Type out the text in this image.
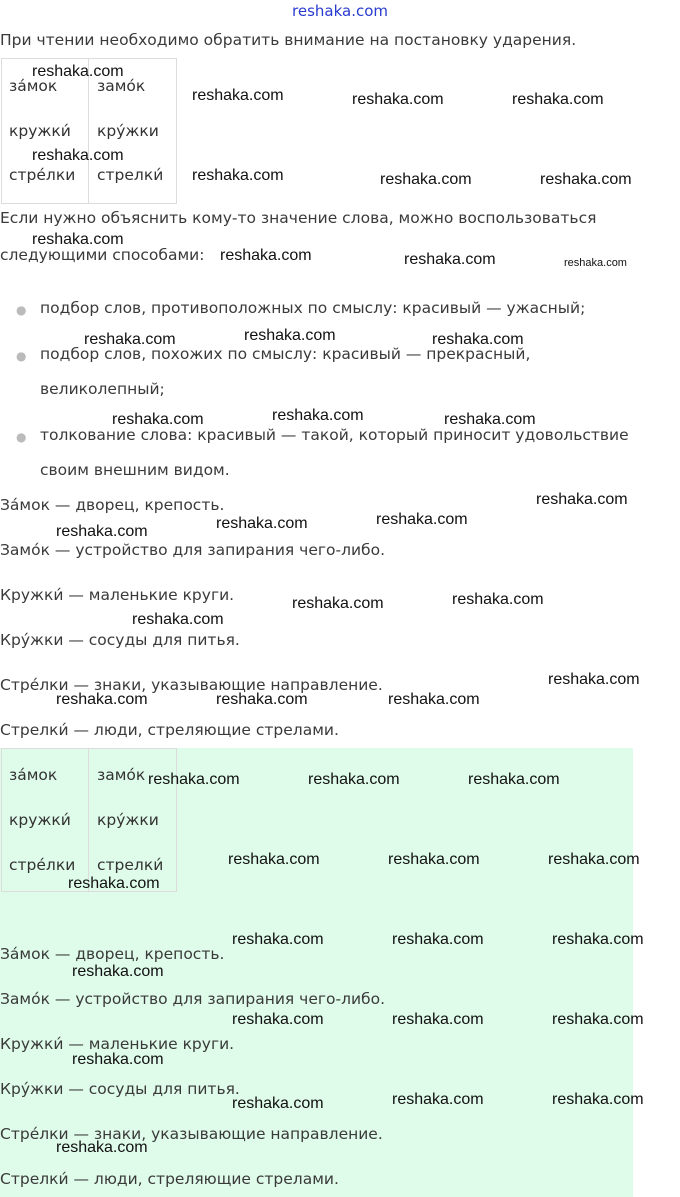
reshaka.com
При чтении необходимо обратить внимание на постановку ударения.
за́мок	замо́к
кружки́ кру́жки
стре́лки стрелки́
Если нужно объяснить кому-то значение слова, можно воспользоваться
следующими способами:
● подбор слов, противоположных по смыслу: красивый — ужасный;
● подбор слов, похожих по смыслу: красивый — прекрасный,
великолепный;
● толкование слова: красивый — такой, который приносит удовольствие
своим внешним видом.
За́мок — дворец, крепость.
Замо́к — устройство для запирания чего-либо.
Кружки́ — маленькие круги.
Кру́жки — сосуды для питья.
Стре́лки — знаки, указывающие направление.
Стрелки́ — люди, стреляющие стрелами.
за́мок	замо́к
кружки́ кру́жки
стре́лки стрелки́
За́мок — дворец, крепость.
Замо́к — устройство для запирания чего-либо.
Кружки́ — маленькие круги.
Кру́жки — сосуды для питья.
Стре́лки — знаки, указывающие направление.
Стрелки́ — люди, стреляющие стрелами.
reshaka.com
reshaka.com	reshaka.com	reshaka.com
reshaka.com
reshaka.com	reshaka.com	reshaka.com
reshaka.com
reshaka.com	reshaka.com	reshaka.com
reshaka.com	reshaka.com	reshaka.com
reshaka.com	reshaka.com	reshaka.com
reshaka.com
reshaka.com	reshaka.com	reshaka.com
reshaka.com	reshaka.com
reshaka.com
reshaka.com
reshaka.com	reshaka.com	reshaka.com
reshaka.com	reshaka.com	reshaka.com
reshaka.com	reshaka.com	reshaka.com
reshaka.com
reshaka.com	reshaka.com	reshaka.com
reshaka.com
reshaka.com	reshaka.com	reshaka.com
reshaka.com
reshaka.com	reshaka.com	reshaka.com
reshaka.com
